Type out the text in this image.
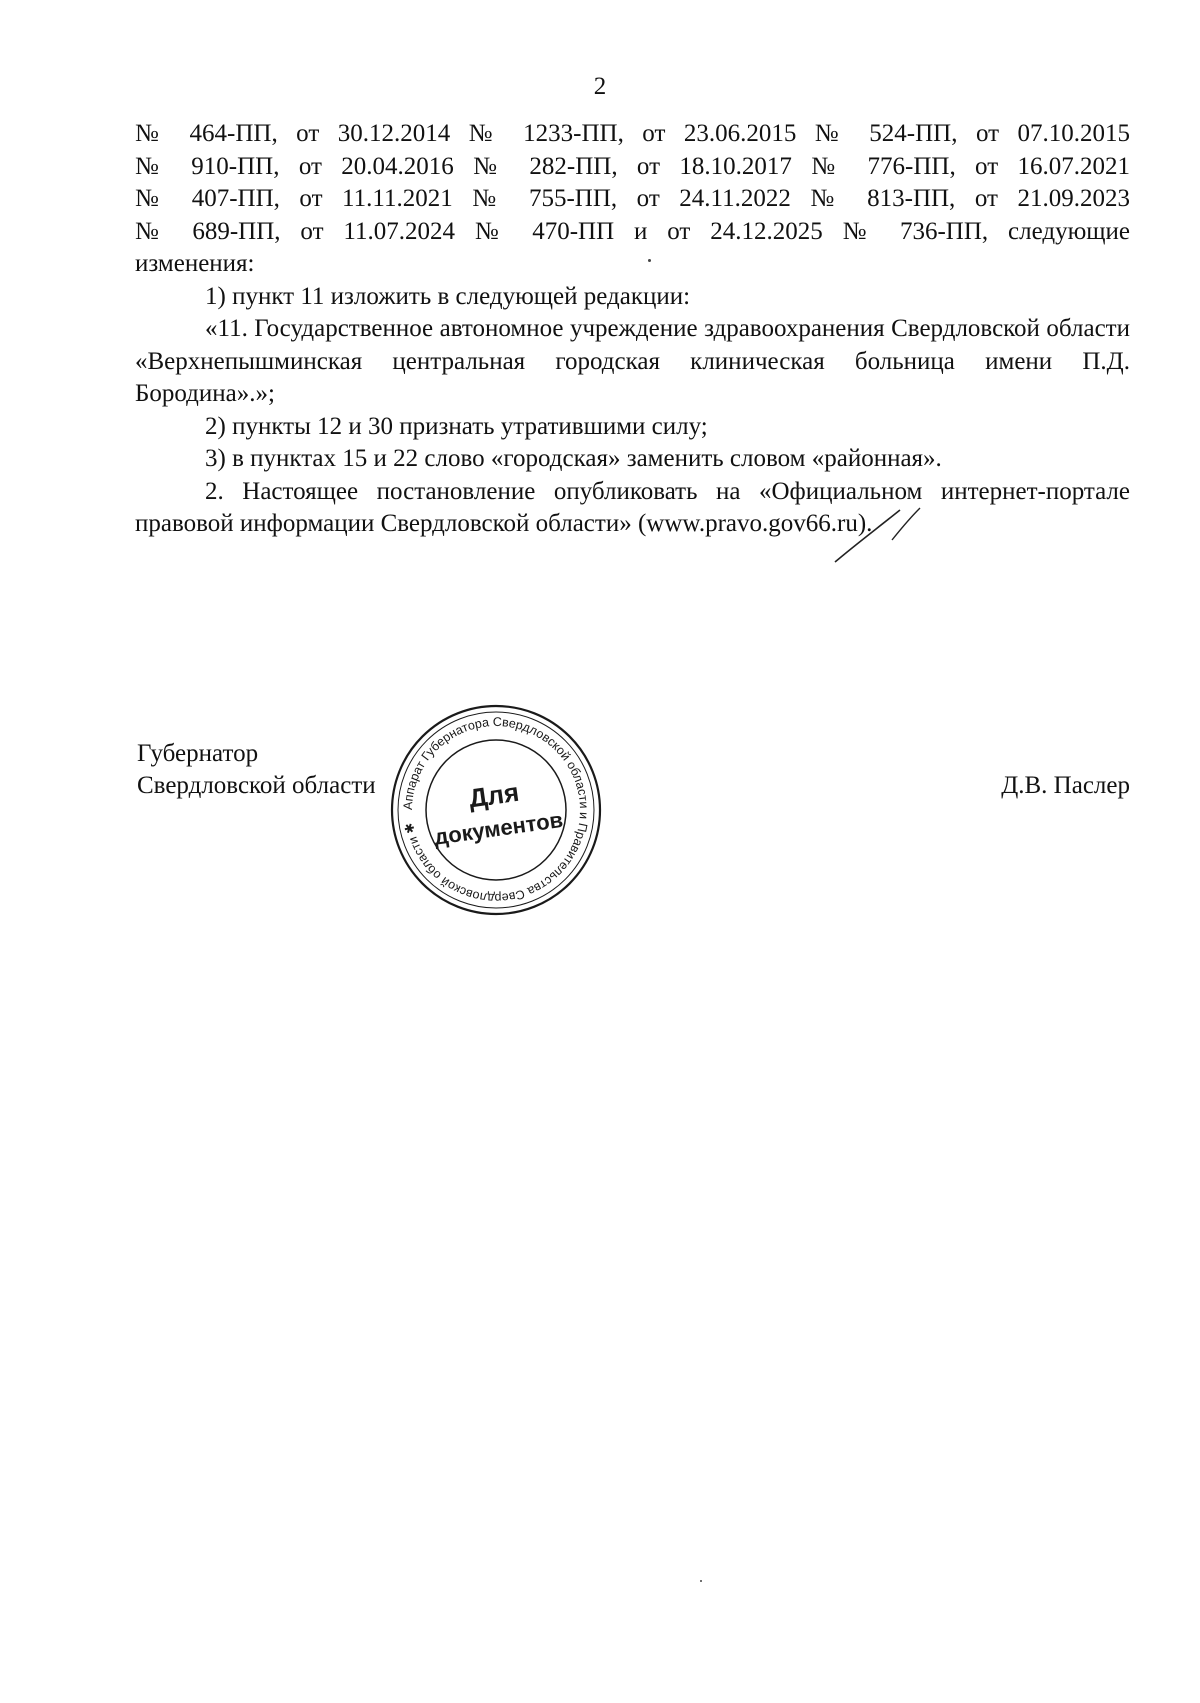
2

№ 464-ПП, от 30.12.2014 № 1233-ПП, от 23.06.2015 № 524-ПП, от 07.10.2015

№ 910-ПП, от 20.04.2016 № 282-ПП, от 18.10.2017 № 776-ПП, от 16.07.2021

№ 407-ПП, от 11.11.2021 № 755-ПП, от 24.11.2022 № 813-ПП, от 21.09.2023

№ 689-ПП, от 11.07.2024 № 470-ПП и от 24.12.2025 № 736-ПП, следующие

изменения:

1) пункт 11 изложить в следующей редакции:

«11. Государственное автономное учреждение здравоохранения Свердловской области «Верхнепышминская центральная городская клиническая больница имени П.Д. Бородина».»;

2) пункты 12 и 30 признать утратившими силу;

3) в пунктах 15 и 22 слово «городская» заменить словом «районная».

2. Настоящее постановление опубликовать на «Официальном интернет-портале правовой информации Свердловской области» (www.pravo.gov66.ru).

Губернатор
Свердловской области
Аппарат Губернатора Свердловской области и Правительства Свердловской области ✱
Для
документов
Д.В. Паслер
